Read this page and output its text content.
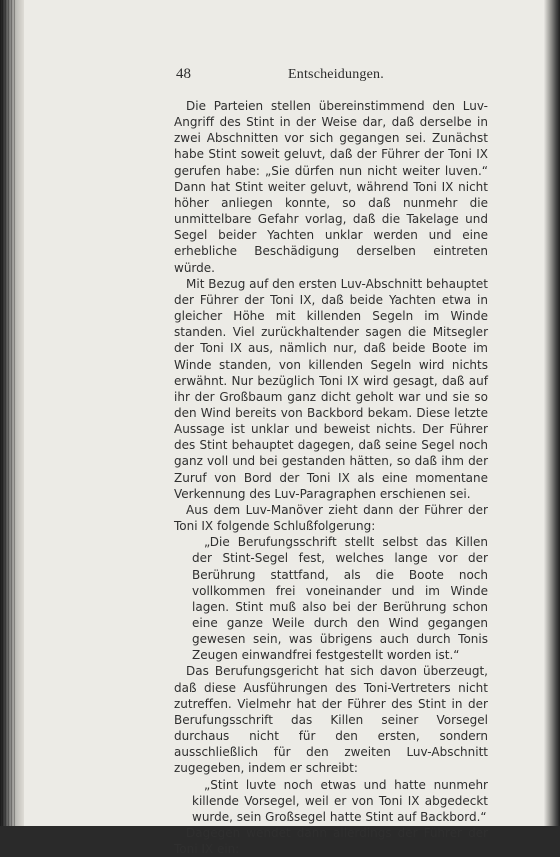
48	Entscheidungen.

Die Parteien stellen übereinstimmend den Luv-Angriff des Stint in der Weise dar, daß derselbe in zwei Abschnitten vor sich gegangen sei. Zunächst habe Stint soweit geluvt, daß der Führer der Toni IX gerufen habe: „Sie dürfen nun nicht weiter luven.“ Dann hat Stint weiter geluvt, während Toni IX nicht höher anliegen konnte, so daß nunmehr die unmittelbare Gefahr vorlag, daß die Takelage und Segel beider Yachten unklar werden und eine erhebliche Beschädigung derselben eintreten würde.

Mit Bezug auf den ersten Luv-Abschnitt behauptet der Führer der Toni IX, daß beide Yachten etwa in gleicher Höhe mit killenden Segeln im Winde standen. Viel zurückhaltender sagen die Mitsegler der Toni IX aus, nämlich nur, daß beide Boote im Winde standen, von killenden Segeln wird nichts erwähnt. Nur bezüglich Toni IX wird gesagt, daß auf ihr der Großbaum ganz dicht geholt war und sie so den Wind bereits von Backbord bekam. Diese letzte Aussage ist unklar und beweist nichts. Der Führer des Stint behauptet dagegen, daß seine Segel noch ganz voll und bei gestanden hätten, so daß ihm der Zuruf von Bord der Toni IX als eine momentane Verkennung des Luv-Paragraphen erschienen sei.

Aus dem Luv-Manöver zieht dann der Führer der Toni IX folgende Schlußfolgerung:

„Die Berufungsschrift stellt selbst das Killen der Stint-Segel fest, welches lange vor der Berührung stattfand, als die Boote noch vollkommen frei voneinander und im Winde lagen. Stint muß also bei der Berührung schon eine ganze Weile durch den Wind gegangen gewesen sein, was übrigens auch durch Tonis Zeugen einwandfrei festgestellt worden ist.“

Das Berufungsgericht hat sich davon überzeugt, daß diese Ausführungen des Toni-Vertreters nicht zutreffen. Vielmehr hat der Führer des Stint in der Berufungsschrift das Killen seiner Vorsegel durchaus nicht für den ersten, sondern ausschließlich für den zweiten Luv-Abschnitt zugegeben, indem er schreibt:

„Stint luvte noch etwas und hatte nunmehr killende Vorsegel, weil er von Toni IX abgedeckt wurde, sein Großsegel hatte Stint auf Backbord.“

Dagegen wendet dann allerdings der Führer der Toni IX ein:
